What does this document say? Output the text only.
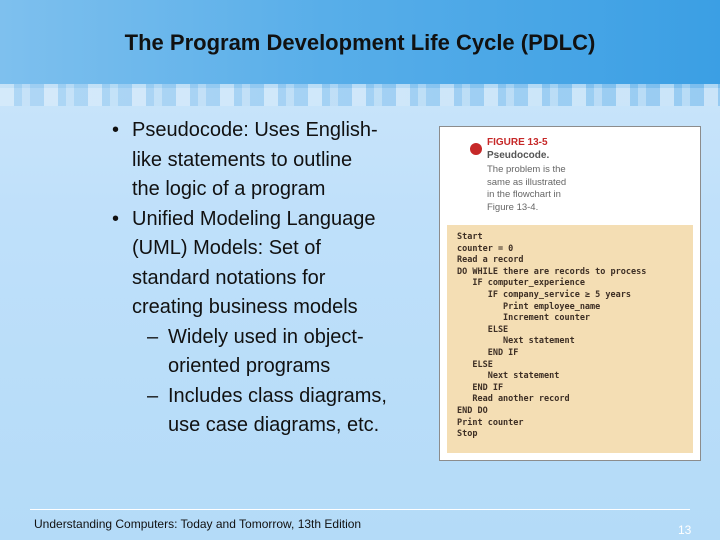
The Program Development Life Cycle (PDLC)
• Pseudocode: Uses English-
like statements to outline
the logic of a program
• Unified Modeling Language
(UML) Models: Set of
standard notations for
creating business models
– Widely used in object-
oriented programs
– Includes class diagrams,
use case diagrams, etc.
FIGURE 13-5
Pseudocode.
The problem is the
same as illustrated
in the flowchart in
Figure 13-4.
Start
counter = 0
Read a record
DO WHILE there are records to process
IF computer_experience
IF company_service ≥ 5 years
Print employee_name
Increment counter
ELSE
Next statement
END IF
ELSE
Next statement
END IF
Read another record
END DO
Print counter
Stop
Understanding Computers: Today and Tomorrow, 13th Edition	13
